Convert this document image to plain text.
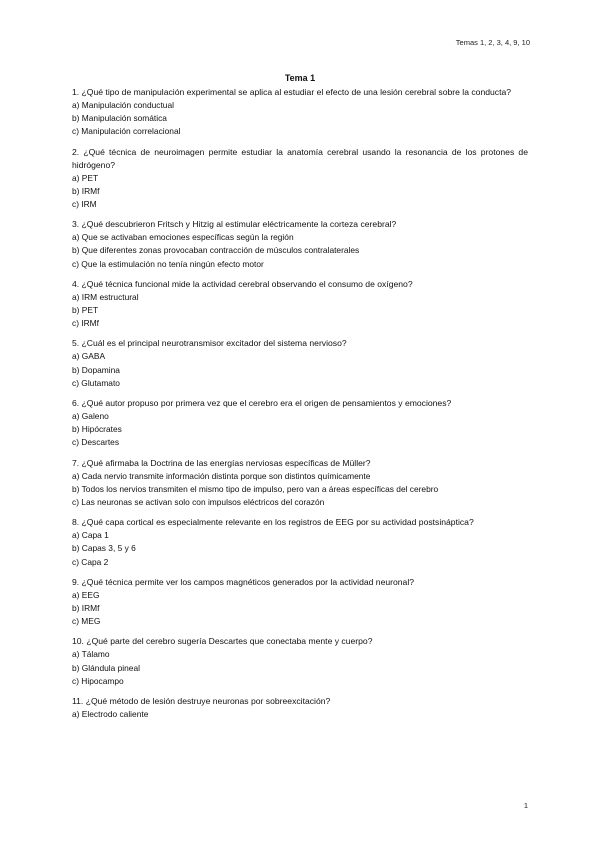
Temas 1, 2, 3, 4, 9, 10
Tema 1
1. ¿Qué tipo de manipulación experimental se aplica al estudiar el efecto de una lesión cerebral sobre la conducta?
a) Manipulación conductual
b) Manipulación somática
c) Manipulación correlacional
2. ¿Qué técnica de neuroimagen permite estudiar la anatomía cerebral usando la resonancia de los protones de hidrógeno?
a) PET
b) IRMf
c) IRM
3. ¿Qué descubrieron Fritsch y Hitzig al estimular eléctricamente la corteza cerebral?
a) Que se activaban emociones específicas según la región
b) Que diferentes zonas provocaban contracción de músculos contralaterales
c) Que la estimulación no tenía ningún efecto motor
4. ¿Qué técnica funcional mide la actividad cerebral observando el consumo de oxígeno?
a) IRM estructural
b) PET
c) IRMf
5. ¿Cuál es el principal neurotransmisor excitador del sistema nervioso?
a) GABA
b) Dopamina
c) Glutamato
6. ¿Qué autor propuso por primera vez que el cerebro era el origen de pensamientos y emociones?
a) Galeno
b) Hipócrates
c) Descartes
7. ¿Qué afirmaba la Doctrina de las energías nerviosas específicas de Müller?
a) Cada nervio transmite información distinta porque son distintos químicamente
b) Todos los nervios transmiten el mismo tipo de impulso, pero van a áreas específicas del cerebro
c) Las neuronas se activan solo con impulsos eléctricos del corazón
8. ¿Qué capa cortical es especialmente relevante en los registros de EEG por su actividad postsináptica?
a) Capa 1
b) Capas 3, 5 y 6
c) Capa 2
9. ¿Qué técnica permite ver los campos magnéticos generados por la actividad neuronal?
a) EEG
b) IRMf
c) MEG
10. ¿Qué parte del cerebro sugería Descartes que conectaba mente y cuerpo?
a) Tálamo
b) Glándula pineal
c) Hipocampo
11. ¿Qué método de lesión destruye neuronas por sobreexcitación?
a) Electrodo caliente
1
